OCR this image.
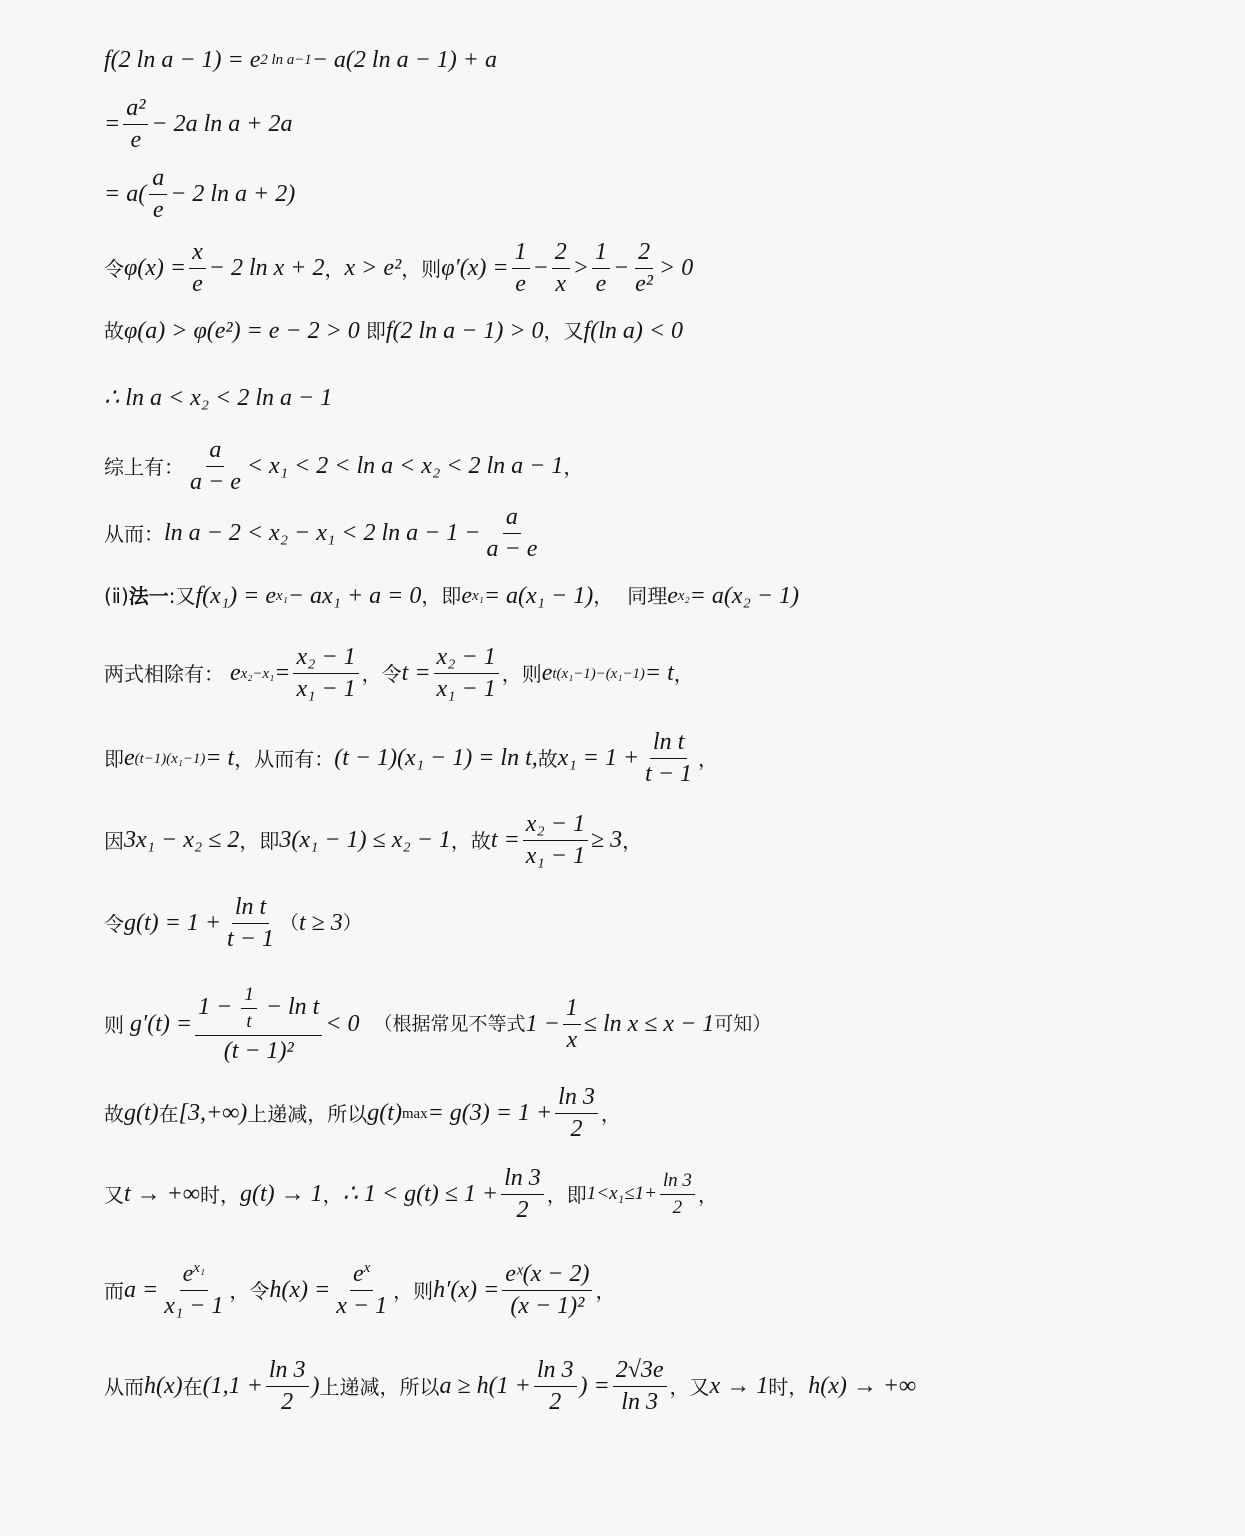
f(2 ln a − 1) = e 2 ln a−1 − a(2 ln a − 1) + a
= $\frac{\text{a²}}{e} - 2a$ ln a + 2a
= $a( \frac{a}{e} - 2$ ln a + 2)
令 $\varphi(x) = \frac{x}{e} - 2$ ln x + 2 ， x > e² ，则 $\varphi'(x) = \frac{1}{e} - \frac{2}{x} > \frac{1}{e} - \frac{2}{\text{e²}} > 0$
故 φ(a) > φ(e²) = e − 2 > 0 即 f(2 ln a − 1) > 0 ，又 f(ln a) < 0
∴ ln a < x₂ < 2 ln a − 1
综上有： $\frac{a}{a - e} < x_1 < 2 < \ln a < x_2 < 2$ ln a − 1 ，
从而： ln a − 2 < x₂ − x₁ < 2 $\ln a - 1 - \frac{a}{a - e}$
(ⅱ) 法一 :又 f(x₁) = e x₁ − ax₁ + a = 0 ，即 e x₁ = a(x₁ − 1) ， 同理 e x₂ = a(x₂ − 1)
两式相除有： e $x_2-x_1 = \frac{\text{x₂ − 1}}{\text{x₁ − 1}}$ ，令 $t = \frac{\text{x₂ − 1}}{\text{x₁ − 1}}$ ，则 e t(x₁−1)−(x₁−1) = t ，
即 e (t−1)(x₁−1) = t ，从而有： (t − 1)(x₁ − 1) = ln t, 故 $x_1 = 1 + \frac{\text{ln t}}{t - 1}$ ，
因 3x₁ − x₂ ≤ 2 ，即 3(x₁ − 1) ≤ x₂ − 1 ，故 $t = \frac{\text{x₂ − 1}}{\text{x₁ − 1}} \ge 3$ ，
令 $g(t) = 1 + \frac{\text{ln t}}{t - 1}$ （ t ≥ 3 ）
则 $g'(t) = \frac{1 - \frac{1}{t} - \ln t}{\text{(t − 1)²}} < 0$ （根据常见不等式 $1 - \frac{1}{x} \le \ln x \le x - 1$ 可知）
故 g(t) 在 [3,+∞) 上递减，所以 g(t) $\max = g(3) = 1 + \frac{\ln 3}{2}$ ，
又 t → +∞ 时， g(t) → 1 ， ∴ $1 < g(t) \le 1 + \frac{\ln 3}{2}$ ，即 $1<x_1\le 1+ \frac{\ln 3}{2}$ ，
而 $a = \frac{e^{x_1}}{\text{x₁ − 1}}$ ，令 $h(x) = \frac{e^x}{x - 1}$ ，则 $h'(x) = \frac{\text{eˣ(x − 2)}}{\text{(x − 1)²}}$ ，
从而 h(x) 在 ($1,1 + \frac{\ln 3}{2}$ ) 上递减，所以 $a \ge h(1 + \frac{\ln 3}{2}$ ) = $\frac{2√3e}{\ln 3}$ ，又 x → 1 时， h(x) → +∞
